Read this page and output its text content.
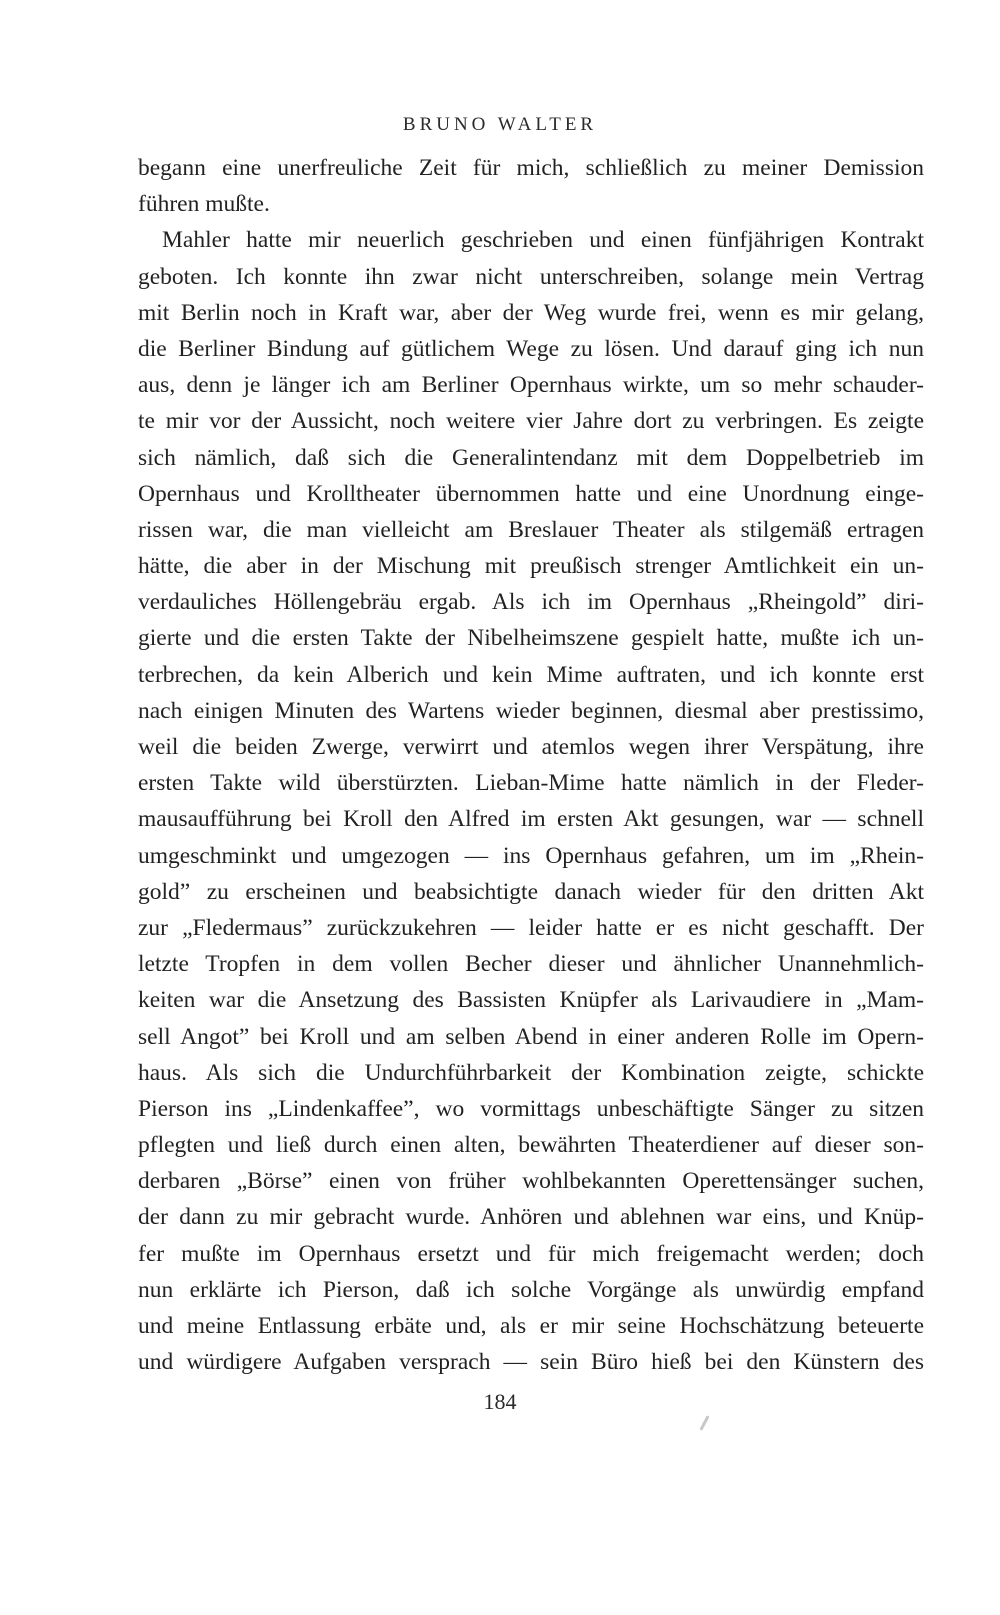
BRUNO WALTER
begann eine unerfreuliche Zeit für mich, schließlich zu meiner Demission
führen mußte.
Mahler hatte mir neuerlich geschrieben und einen fünfjährigen Kontrakt
geboten. Ich konnte ihn zwar nicht unterschreiben, solange mein Vertrag
mit Berlin noch in Kraft war, aber der Weg wurde frei, wenn es mir gelang,
die Berliner Bindung auf gütlichem Wege zu lösen. Und darauf ging ich nun
aus, denn je länger ich am Berliner Opernhaus wirkte, um so mehr schauder-
te mir vor der Aussicht, noch weitere vier Jahre dort zu verbringen. Es zeigte
sich nämlich, daß sich die Generalintendanz mit dem Doppelbetrieb im
Opernhaus und Krolltheater übernommen hatte und eine Unordnung einge-
rissen war, die man vielleicht am Breslauer Theater als stilgemäß ertragen
hätte, die aber in der Mischung mit preußisch strenger Amtlichkeit ein un-
verdauliches Höllengebräu ergab. Als ich im Opernhaus „Rheingold” diri-
gierte und die ersten Takte der Nibelheimszene gespielt hatte, mußte ich un-
terbrechen, da kein Alberich und kein Mime auftraten, und ich konnte erst
nach einigen Minuten des Wartens wieder beginnen, diesmal aber prestissimo,
weil die beiden Zwerge, verwirrt und atemlos wegen ihrer Verspätung, ihre
ersten Takte wild überstürzten. Lieban-Mime hatte nämlich in der Fleder-
mausaufführung bei Kroll den Alfred im ersten Akt gesungen, war — schnell
umgeschminkt und umgezogen — ins Opernhaus gefahren, um im „Rhein-
gold” zu erscheinen und beabsichtigte danach wieder für den dritten Akt
zur „Fledermaus” zurückzukehren — leider hatte er es nicht geschafft. Der
letzte Tropfen in dem vollen Becher dieser und ähnlicher Unannehmlich-
keiten war die Ansetzung des Bassisten Knüpfer als Larivaudiere in „Mam-
sell Angot” bei Kroll und am selben Abend in einer anderen Rolle im Opern-
haus. Als sich die Undurchführbarkeit der Kombination zeigte, schickte
Pierson ins „Lindenkaffee”, wo vormittags unbeschäftigte Sänger zu sitzen
pflegten und ließ durch einen alten, bewährten Theaterdiener auf dieser son-
derbaren „Börse” einen von früher wohlbekannten Operettensänger suchen,
der dann zu mir gebracht wurde. Anhören und ablehnen war eins, und Knüp-
fer mußte im Opernhaus ersetzt und für mich freigemacht werden; doch
nun erklärte ich Pierson, daß ich solche Vorgänge als unwürdig empfand
und meine Entlassung erbäte und, als er mir seine Hochschätzung beteuerte
und würdigere Aufgaben versprach — sein Büro hieß bei den Künstern des
184
